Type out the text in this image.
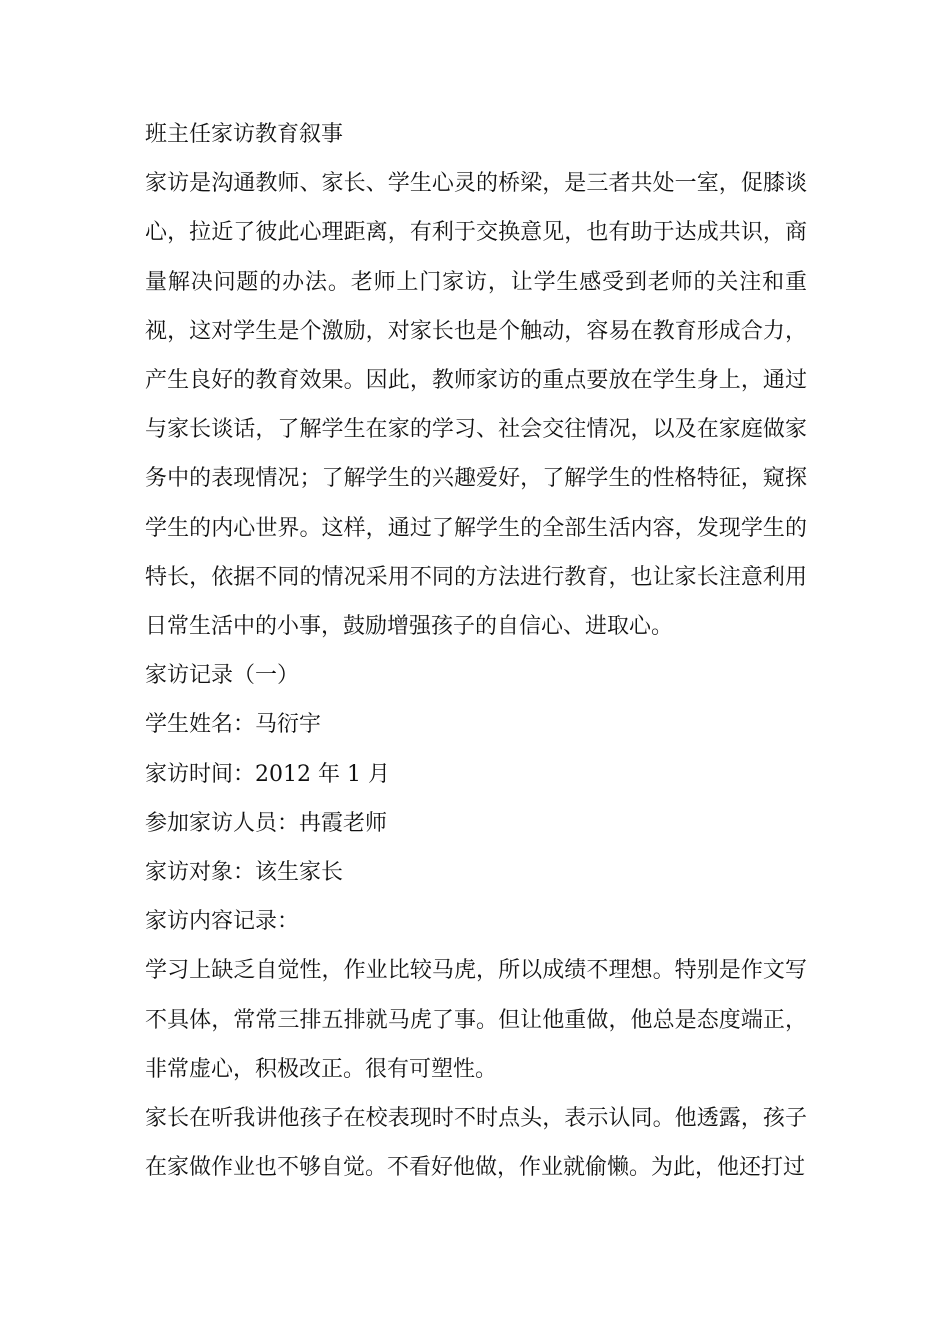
班主任家访教育叙事

家访是沟通教师、家长、学生心灵的桥梁，是三者共处一室，促膝谈心，拉近了彼此心理距离，有利于交换意见，也有助于达成共识，商量解决问题的办法。老师上门家访，让学生感受到老师的关注和重视，这对学生是个激励，对家长也是个触动，容易在教育形成合力，产生良好的教育效果。因此，教师家访的重点要放在学生身上，通过与家长谈话，了解学生在家的学习、社会交往情况，以及在家庭做家务中的表现情况；了解学生的兴趣爱好，了解学生的性格特征，窥探学生的内心世界。这样，通过了解学生的全部生活内容，发现学生的特长，依据不同的情况采用不同的方法进行教育，也让家长注意利用日常生活中的小事，鼓励增强孩子的自信心、进取心。

家访记录（一）

学生姓名：马衍宇

家访时间：2012 年 1 月

参加家访人员：冉霞老师

家访对象：该生家长

家访内容记录：

学习上缺乏自觉性，作业比较马虎，所以成绩不理想。特别是作文写不具体，常常三排五排就马虎了事。但让他重做，他总是态度端正，非常虚心，积极改正。很有可塑性。

家长在听我讲他孩子在校表现时不时点头，表示认同。他透露，孩子在家做作业也不够自觉。不看好他做，作业就偷懒。为此，他还打过
